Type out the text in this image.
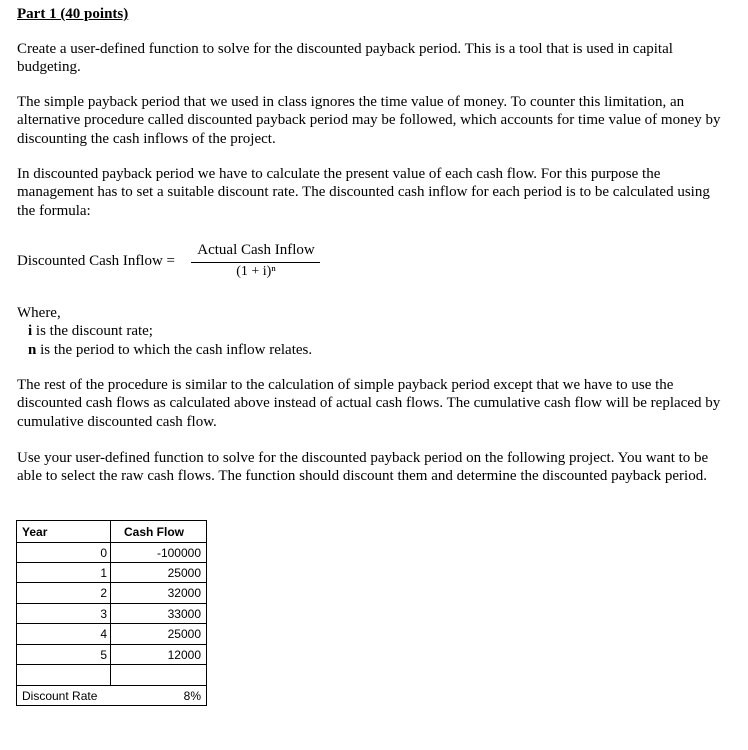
Part 1 (40 points)

Create a user-defined function to solve for the discounted payback period. This is a tool that is used in capital budgeting.

The simple payback period that we used in class ignores the time value of money. To counter this limitation, an alternative procedure called discounted payback period may be followed, which accounts for time value of money by discounting the cash inflows of the project.

In discounted payback period we have to calculate the present value of each cash flow. For this purpose the management has to set a suitable discount rate. The discounted cash inflow for each period is to be calculated using the formula:

Discounted Cash Inflow =
Actual Cash Inflow
(1 + i)ⁿ
Where,
i is the discount rate;
n is the period to which the cash inflow relates.

The rest of the procedure is similar to the calculation of simple payback period except that we have to use the discounted cash flows as calculated above instead of actual cash flows. The cumulative cash flow will be replaced by cumulative discounted cash flow.

Use your user-defined function to solve for the discounted payback period on the following project. You want to be able to select the raw cash flows. The function should discount them and determine the discounted payback period.

Year	Cash Flow
0	-100000
1	25000
2	32000
3	33000
4	25000
5	12000
Discount Rate	8%
